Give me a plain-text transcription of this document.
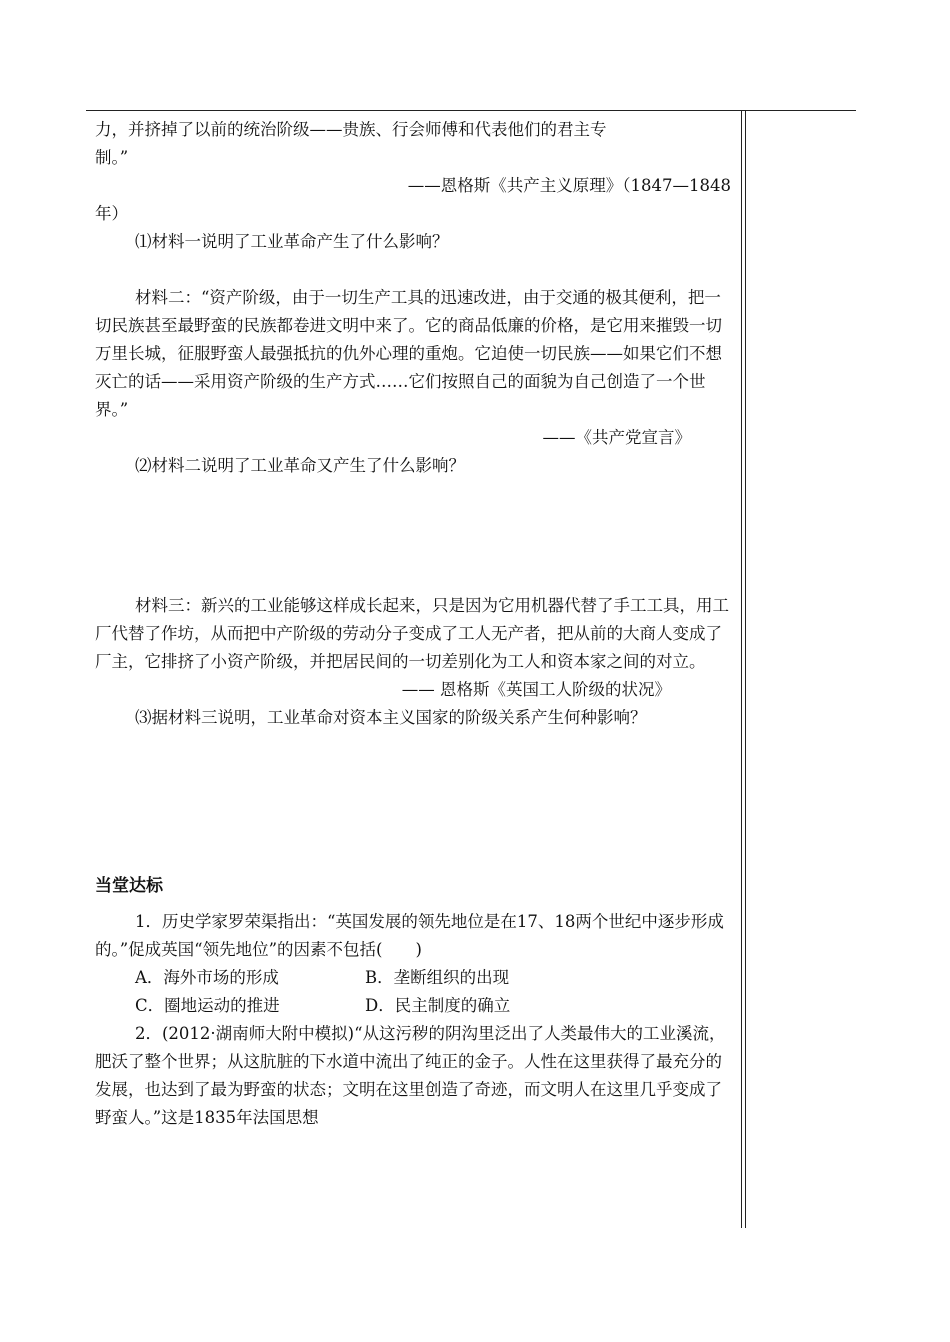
力，并挤掉了以前的统治阶级——贵族、行会师傅和代表他们的君主专

制。”

——恩格斯《共产主义原理》（1847—1848

年）

⑴材料一说明了工业革命产生了什么影响？

材料二：“资产阶级，由于一切生产工具的迅速改进，由于交通的极其便利，把一切民族甚至最野蛮的民族都卷进文明中来了。它的商品低廉的价格，是它用来摧毁一切万里长城，征服野蛮人最强抵抗的仇外心理的重炮。它迫使一切民族——如果它们不想灭亡的话——采用资产阶级的生产方式……它们按照自己的面貌为自己创造了一个世界。”

——《共产党宣言》

⑵材料二说明了工业革命又产生了什么影响？

材料三：新兴的工业能够这样成长起来，只是因为它用机器代替了手工工具，用工厂代替了作坊，从而把中产阶级的劳动分子变成了工人无产者，把从前的大商人变成了厂主，它排挤了小资产阶级，并把居民间的一切差别化为工人和资本家之间的对立。

—— 恩格斯《英国工人阶级的状况》

⑶据材料三说明，工业革命对资本主义国家的阶级关系产生何种影响？

当堂达标

1．历史学家罗荣渠指出：“英国发展的领先地位是在17、18两个世纪中逐步形成的。”促成英国“领先地位”的因素不包括(　　)

A．海外市场的形成	B．垄断组织的出现
C．圈地运动的推进	D．民主制度的确立

2．(2012·湖南师大附中模拟)“从这污秽的阴沟里泛出了人类最伟大的工业溪流，肥沃了整个世界；从这肮脏的下水道中流出了纯正的金子。人性在这里获得了最充分的发展，也达到了最为野蛮的状态；文明在这里创造了奇迹，而文明人在这里几乎变成了野蛮人。”这是1835年法国思想
